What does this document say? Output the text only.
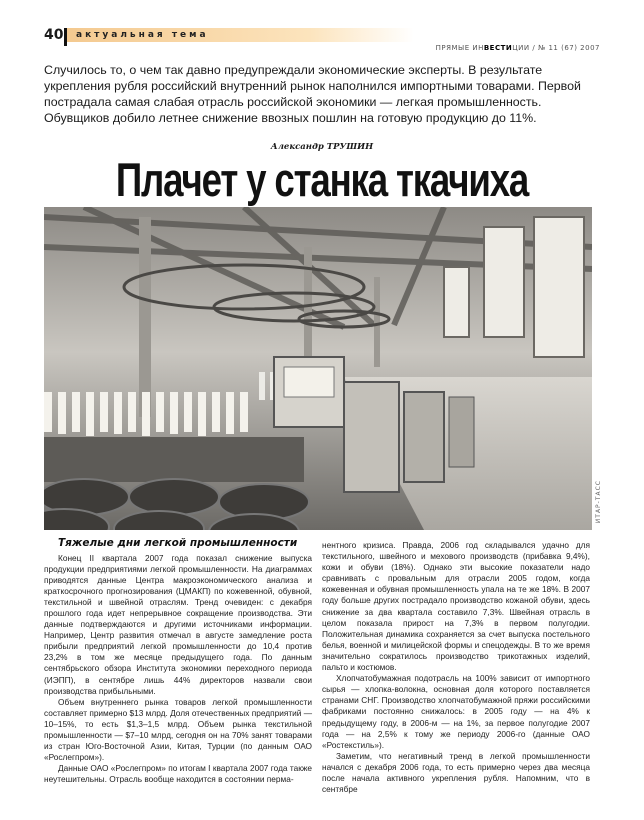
40 актуальная тема
ПРЯМЫЕ ИНВЕСТИЦИИ / № 11 (67) 2007
Случилось то, о чем так давно предупреждали экономические эксперты. В результате укрепления рубля российский внутренний рынок наполнился импортными товарами. Первой пострадала самая слабая отрасль российской экономики — легкая промышленность. Обувщиков добило летнее снижение ввозных пошлин на готовую продукцию до 11%.
Александр ТРУШИН
Плачет у станка ткачиха
ИТАР-ТАСС
Тяжелые дни легкой промышленности

Конец II квартала 2007 года показал снижение выпуска продукции предприятиями легкой промышленности. На диаграммах приводятся данные Центра макроэкономического анализа и краткосрочного прогнозирования (ЦМАКП) по кожевенной, обувной, текстильной и швейной отраслям. Тренд очевиден: с декабря прошлого года идет непрерывное сокращение производства. Эти данные подтверждаются и другими источниками информации. Например, Центр развития отмечал в августе замедление роста прибыли предприятий легкой промышленности до 10,4 против 23,2% в том же месяце предыдущего года. По данным сентябрьского обзора Института экономики переходного периода (ИЭПП), в сентябре лишь 44% директоров назвали свои производства прибыльными.

Объем внутреннего рынка товаров легкой промышленности составляет примерно $13 млрд. Доля отечественных предприятий — 10–15%, то есть $1,3–1,5 млрд. Объем рынка текстильной промышленности — $7–10 млрд, сегодня он на 70% занят товарами из стран Юго-Восточной Азии, Китая, Турции (по данным ОАО «Рослегпром»).

Данные ОАО «Рослегпром» по итогам I квартала 2007 года также неутешительны. Отрасль вообще находится в состоянии перма-

нентного кризиса. Правда, 2006 год складывался удачно для текстильного, швейного и мехового производств (прибавка 9,4%), кожи и обуви (18%). Однако эти высокие показатели надо сравнивать с провальным для отрасли 2005 годом, когда кожевенная и обувная промышленность упала на те же 18%. В 2007 году больше других пострадало производство кожаной обуви, здесь снижение за два квартала составило 7,3%. Швейная отрасль в целом показала прирост на 7,3% в первом полугодии. Положительная динамика сохраняется за счет выпуска постельного белья, военной и милицейской формы и спецодежды. В то же время значительно сократилось производство трикотажных изделий, пальто и костюмов.

Хлопчатобумажная подотрасль на 100% зависит от импортного сырья — хлопка-волокна, основная доля которого поставляется странами СНГ. Производство хлопчатобумажной пряжи российскими фабриками постоянно снижалось: в 2005 году — на 4% к предыдущему году, в 2006-м — на 1%, за первое полугодие 2007 года — на 2,5% к тому же периоду 2006-го (данные ОАО «Ростекстиль»).

Заметим, что негативный тренд в легкой промышленности начался с декабря 2006 года, то есть примерно через два месяца после начала активного укрепления рубля. Напомним, что в сентябре
